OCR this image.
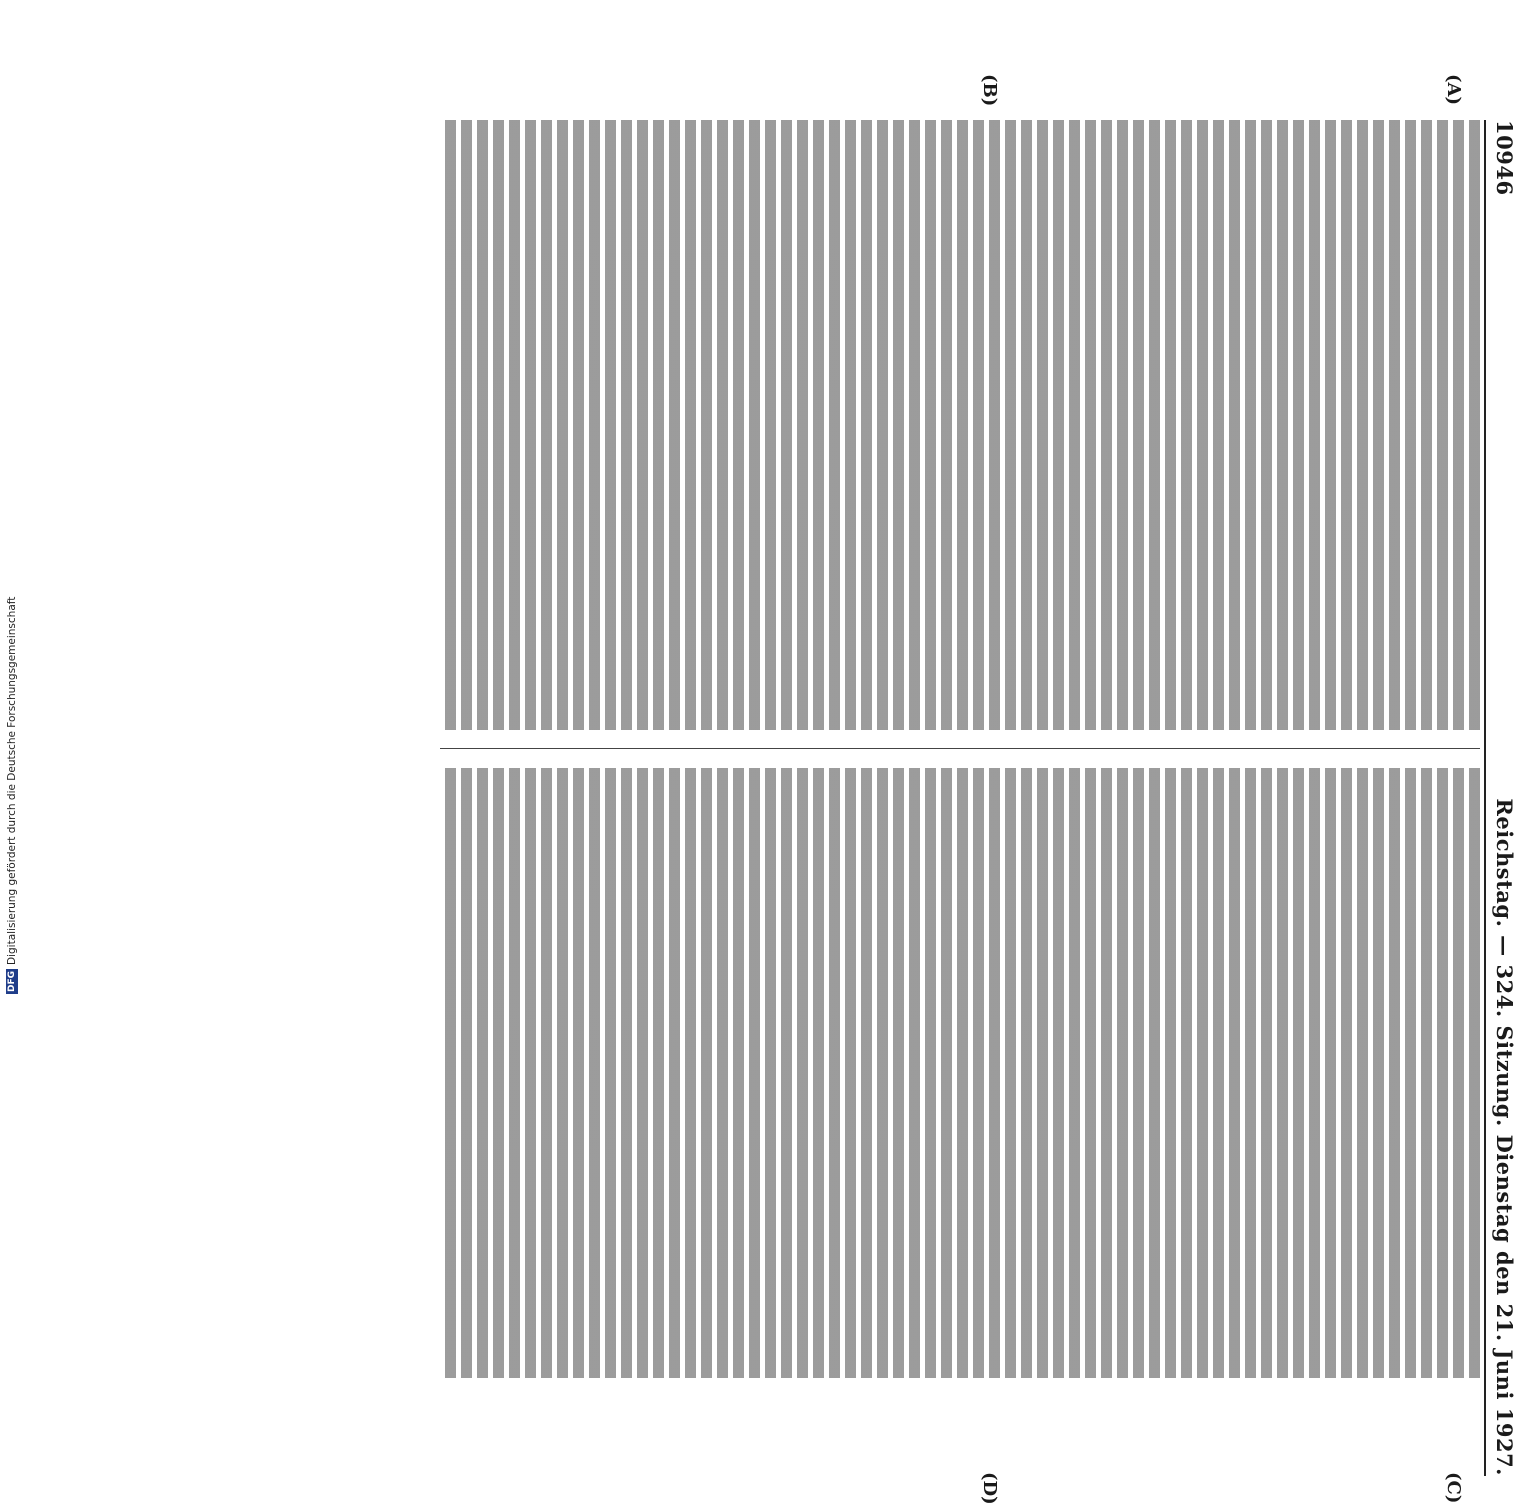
DFG
Digitalisierung gefördert durch die Deutsche Forschungsgemeinschaft
10946
Reichstag. — 324. Sitzung. Dienstag den 21. Juni 1927.
(A)
(B)
(C)
(D)
